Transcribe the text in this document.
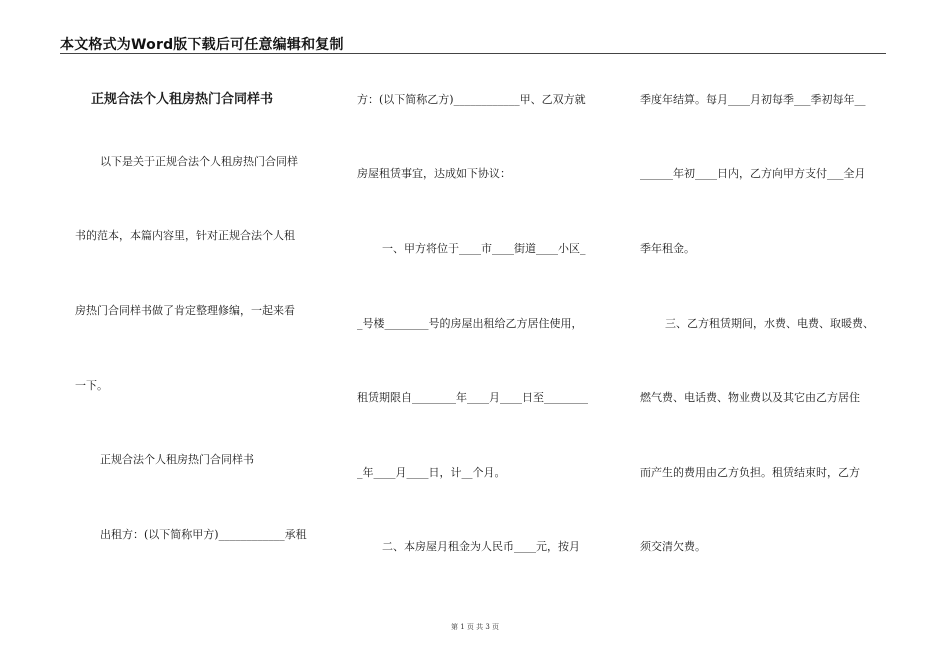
本文格式为Word版下载后可任意编辑和复制
正规合法个人租房热门合同样书
以下是关于正规合法个人租房热门合同样
书的范本，本篇内容里，针对正规合法个人租
房热门合同样书做了肯定整理修编，一起来看
一下。
正规合法个人租房热门合同样书
出租方：(以下简称甲方)____________承租
方：(以下简称乙方)____________甲、乙双方就
房屋租赁事宜，达成如下协议：
一、甲方将位于____市____街道____小区_
_号楼________号的房屋出租给乙方居住使用，
租赁期限自________年____月____日至________
_年____月____日，计__个月。
二、本房屋月租金为人民币____元，按月
季度年结算。每月____月初每季___季初每年__
______年初____日内，乙方向甲方支付___全月
季年租金。
三、乙方租赁期间，水费、电费、取暖费、
燃气费、电话费、物业费以及其它由乙方居住
而产生的费用由乙方负担。租赁结束时，乙方
须交清欠费。
第 1 页 共 3 页
